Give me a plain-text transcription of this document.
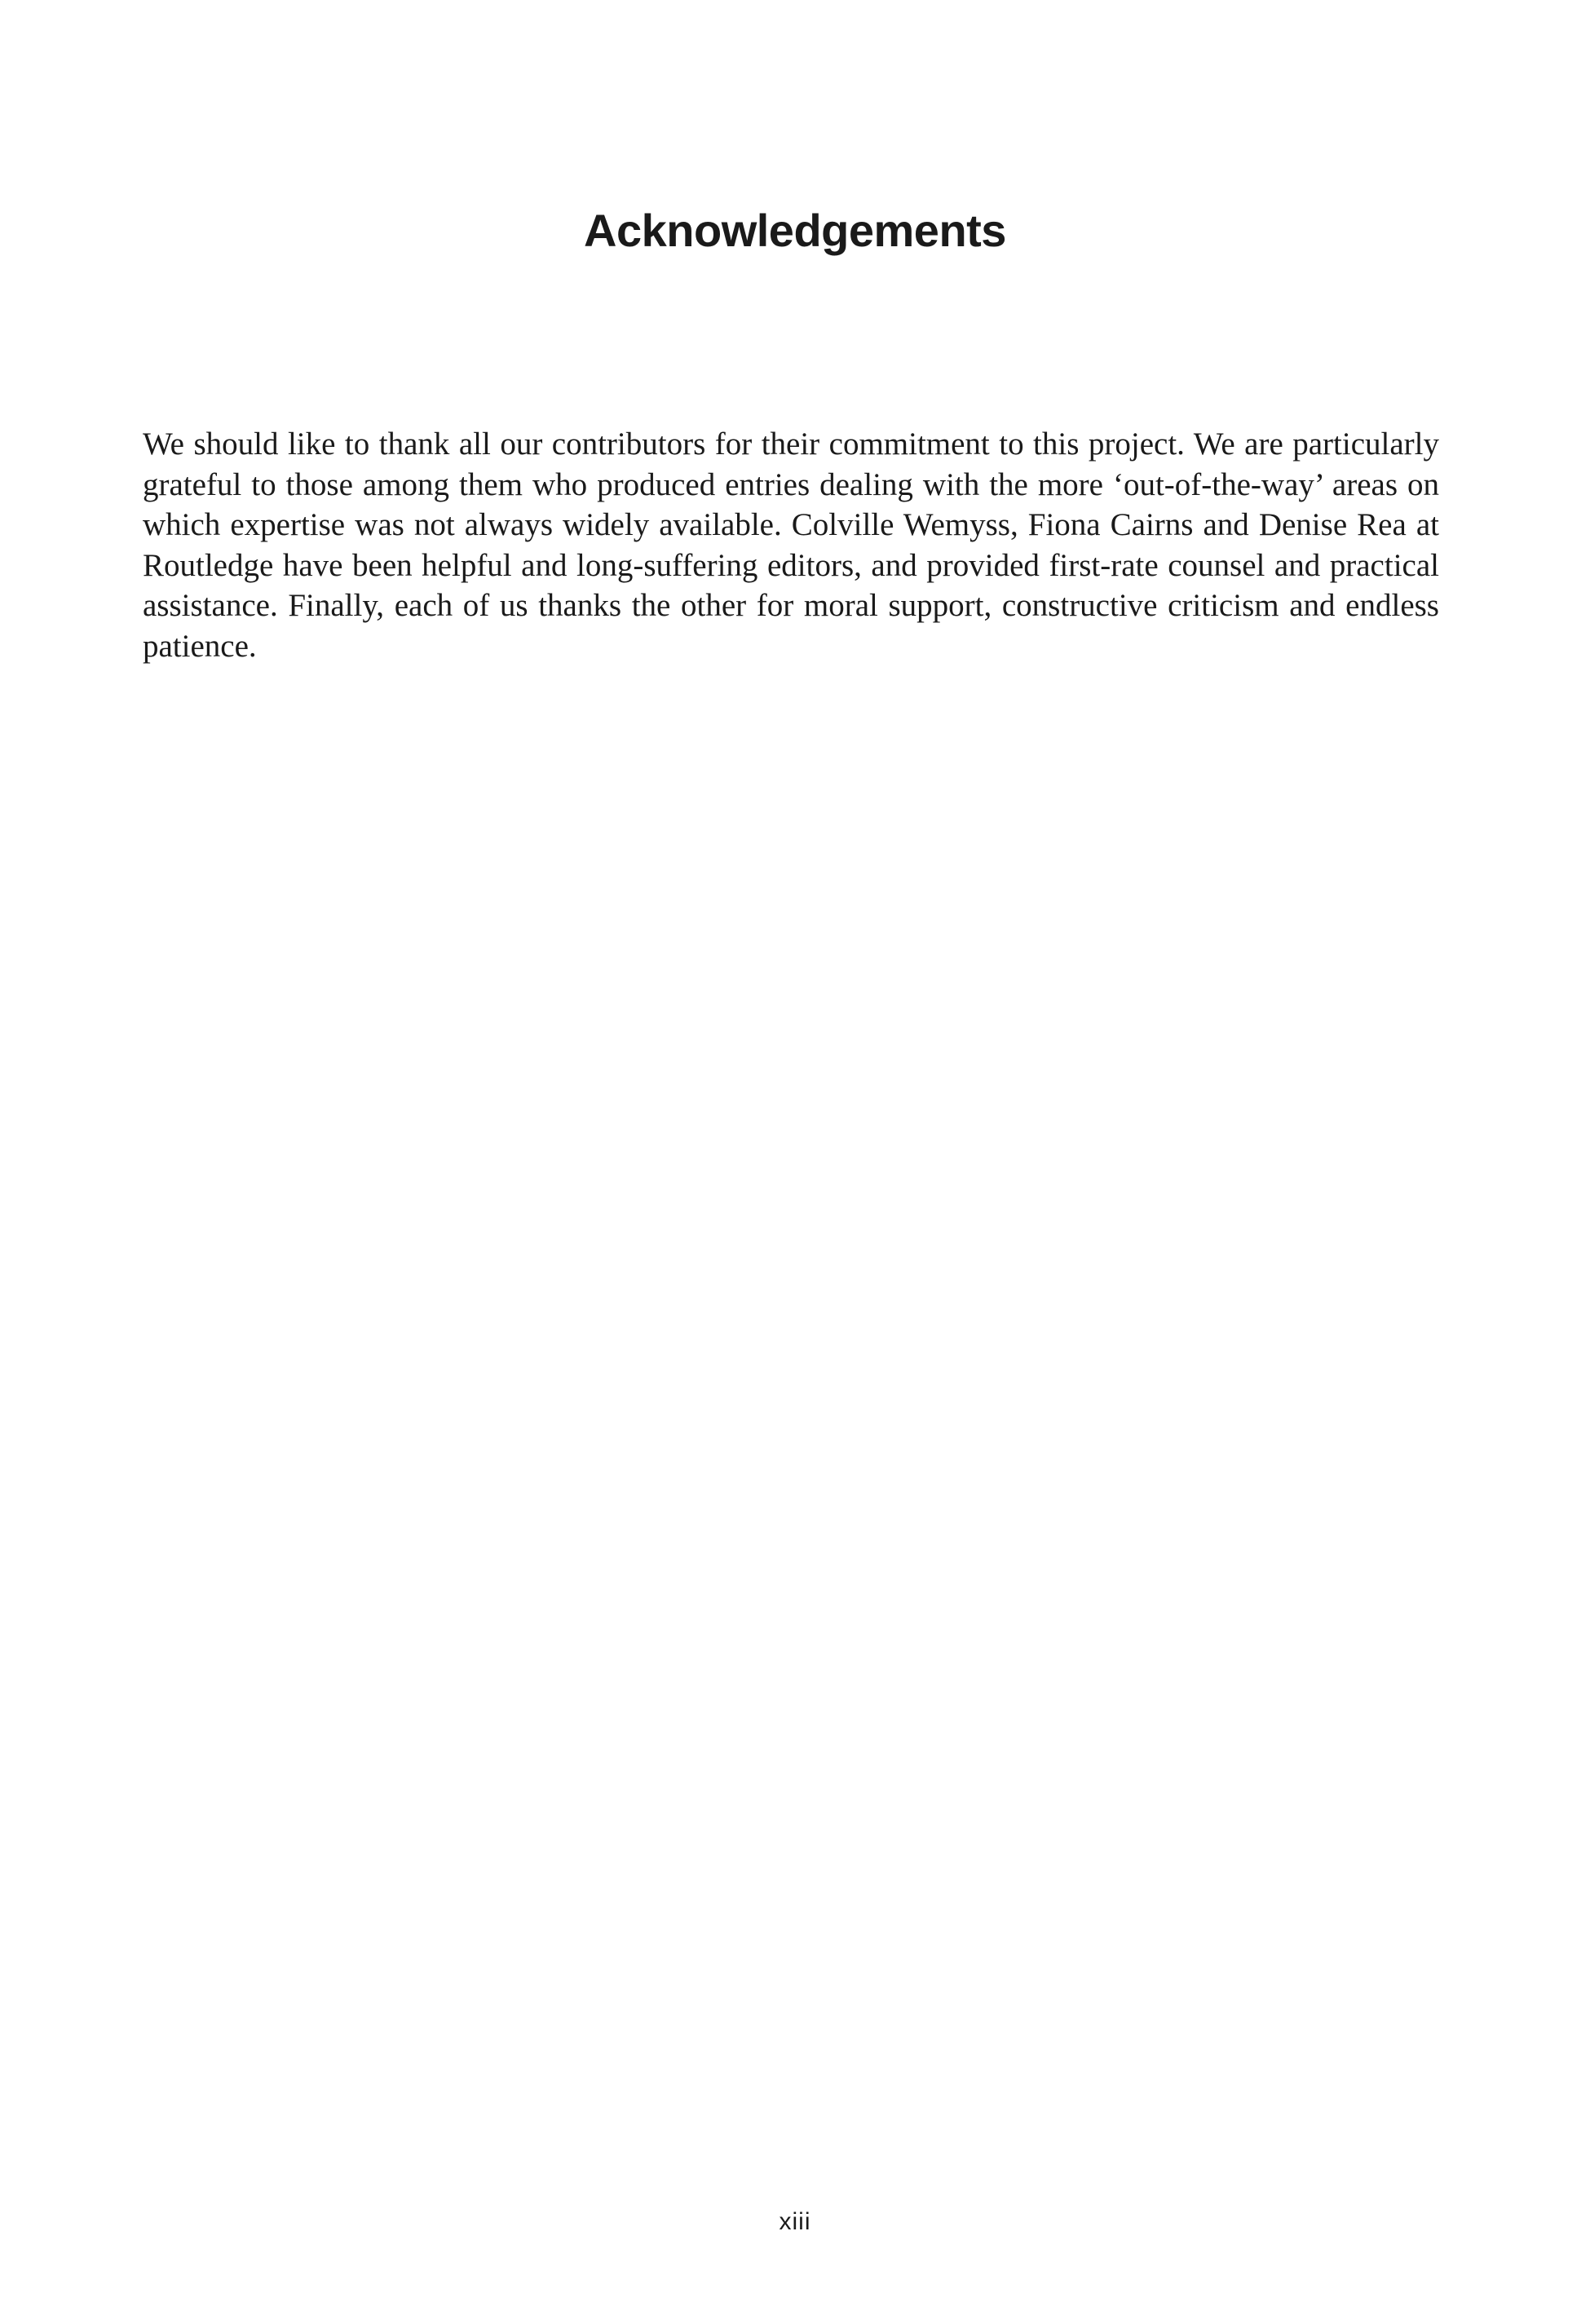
Acknowledgements

We should like to thank all our contributors for their commitment to this project. We are particularly grateful to those among them who produced entries dealing with the more ‘out-of-the-way’ areas on which expertise was not always widely available. Colville Wemyss, Fiona Cairns and Denise Rea at Routledge have been helpful and long-suffering editors, and provided first-rate counsel and practical assistance. Finally, each of us thanks the other for moral support, constructive criticism and endless patience.

xiii
